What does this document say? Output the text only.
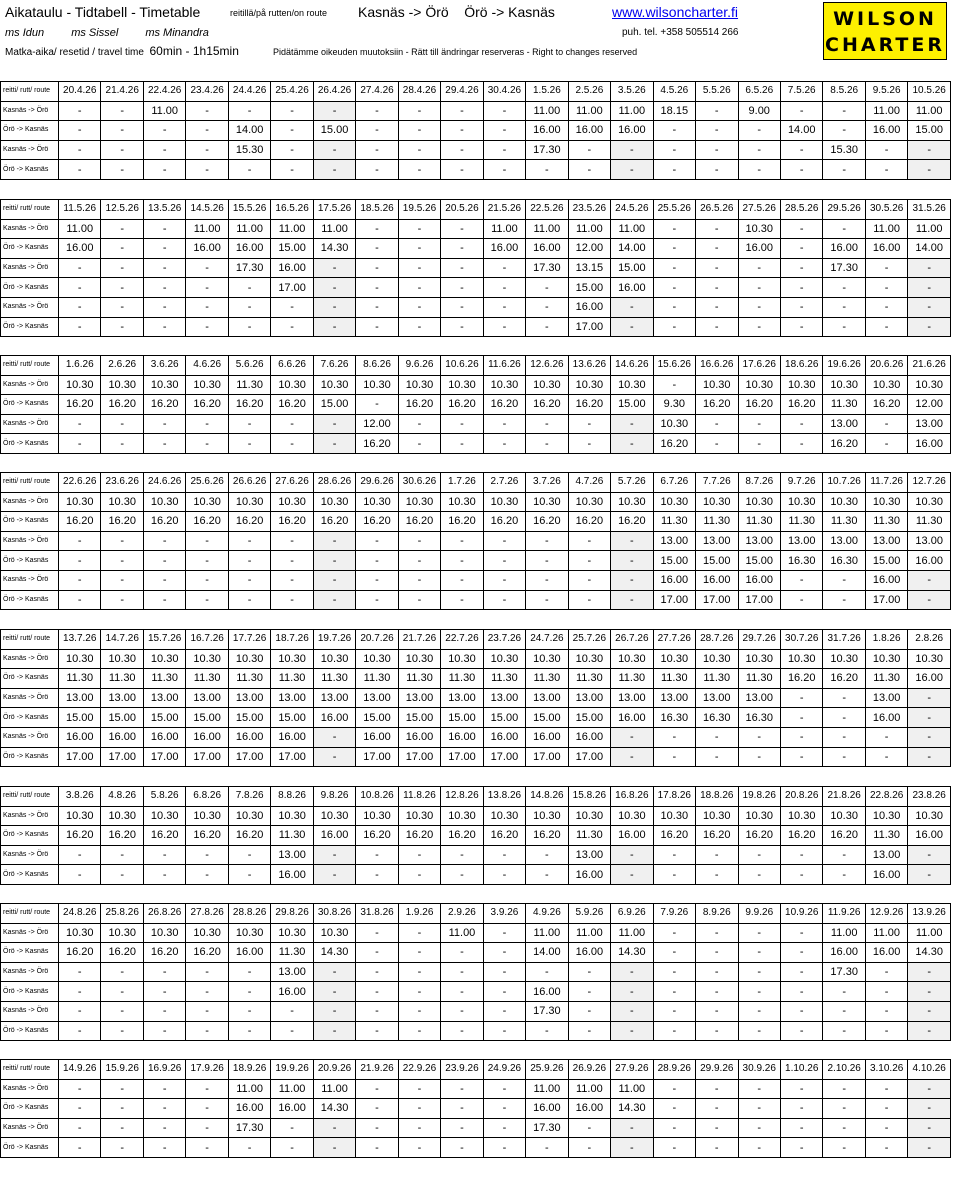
Aikataulu - Tidtabell - Timetable	reitillä/på rutten/on route Kasnäs -> Örö    Örö -> Kasnäs	www.wilsoncharter.fi
puh. tel. +358 505514 266
ms Idun ms Sissel ms Minandra
Matka-aika/ resetid / travel time 60min - 1h15min	Pidätämme oikeuden muutoksiin - Rätt till ändringar reserveras - Right to changes reserved
WILSON
CHARTER
reitti/ rutt/ route	20.4.26	21.4.26	22.4.26	23.4.26	24.4.26	25.4.26	26.4.26	27.4.26	28.4.26	29.4.26	30.4.26	1.5.26	2.5.26	3.5.26	4.5.26	5.5.26	6.5.26	7.5.26	8.5.26	9.5.26	10.5.26
Kasnäs -> Örö	-	-	11.00	-	-	-	-	-	-	-	-	11.00	11.00	11.00	18.15	-	9.00	-	-	11.00	11.00
Örö -> Kasnäs	-	-	-	-	14.00	-	15.00	-	-	-	-	16.00	16.00	16.00	-	-	-	14.00	-	16.00	15.00
Kasnäs -> Örö	-	-	-	-	15.30	-	-	-	-	-	-	17.30	-	-	-	-	-	-	15.30	-	-
Örö -> Kasnäs	-	-	-	-	-	-	-	-	-	-	-	-	-	-	-	-	-	-	-	-	-
reitti/ rutt/ route	11.5.26	12.5.26	13.5.26	14.5.26	15.5.26	16.5.26	17.5.26	18.5.26	19.5.26	20.5.26	21.5.26	22.5.26	23.5.26	24.5.26	25.5.26	26.5.26	27.5.26	28.5.26	29.5.26	30.5.26	31.5.26
Kasnäs -> Örö	11.00	-	-	11.00	11.00	11.00	11.00	-	-	-	11.00	11.00	11.00	11.00	-	-	10.30	-	-	11.00	11.00
Örö -> Kasnäs	16.00	-	-	16.00	16.00	15.00	14.30	-	-	-	16.00	16.00	12.00	14.00	-	-	16.00	-	16.00	16.00	14.00
Kasnäs -> Örö	-	-	-	-	17.30	16.00	-	-	-	-	-	17.30	13.15	15.00	-	-	-	-	17.30	-	-
Örö -> Kasnäs	-	-	-	-	-	17.00	-	-	-	-	-	-	15.00	16.00	-	-	-	-	-	-	-
Kasnäs -> Örö	-	-	-	-	-	-	-	-	-	-	-	-	16.00	-	-	-	-	-	-	-	-
Örö -> Kasnäs	-	-	-	-	-	-	-	-	-	-	-	-	17.00	-	-	-	-	-	-	-	-
reitti/ rutt/ route	1.6.26	2.6.26	3.6.26	4.6.26	5.6.26	6.6.26	7.6.26	8.6.26	9.6.26	10.6.26	11.6.26	12.6.26	13.6.26	14.6.26	15.6.26	16.6.26	17.6.26	18.6.26	19.6.26	20.6.26	21.6.26
Kasnäs -> Örö	10.30	10.30	10.30	10.30	11.30	10.30	10.30	10.30	10.30	10.30	10.30	10.30	10.30	10.30	-	10.30	10.30	10.30	10.30	10.30	10.30
Örö -> Kasnäs	16.20	16.20	16.20	16.20	16.20	16.20	15.00	-	16.20	16.20	16.20	16.20	16.20	15.00	9.30	16.20	16.20	16.20	11.30	16.20	12.00
Kasnäs -> Örö	-	-	-	-	-	-	-	12.00	-	-	-	-	-	-	10.30	-	-	-	13.00	-	13.00
Örö -> Kasnäs	-	-	-	-	-	-	-	16.20	-	-	-	-	-	-	16.20	-	-	-	16.20	-	16.00
reitti/ rutt/ route	22.6.26	23.6.26	24.6.26	25.6.26	26.6.26	27.6.26	28.6.26	29.6.26	30.6.26	1.7.26	2.7.26	3.7.26	4.7.26	5.7.26	6.7.26	7.7.26	8.7.26	9.7.26	10.7.26	11.7.26	12.7.26
Kasnäs -> Örö	10.30	10.30	10.30	10.30	10.30	10.30	10.30	10.30	10.30	10.30	10.30	10.30	10.30	10.30	10.30	10.30	10.30	10.30	10.30	10.30	10.30
Örö -> Kasnäs	16.20	16.20	16.20	16.20	16.20	16.20	16.20	16.20	16.20	16.20	16.20	16.20	16.20	16.20	11.30	11.30	11.30	11.30	11.30	11.30	11.30
Kasnäs -> Örö	-	-	-	-	-	-	-	-	-	-	-	-	-	-	13.00	13.00	13.00	13.00	13.00	13.00	13.00
Örö -> Kasnäs	-	-	-	-	-	-	-	-	-	-	-	-	-	-	15.00	15.00	15.00	16.30	16.30	15.00	16.00
Kasnäs -> Örö	-	-	-	-	-	-	-	-	-	-	-	-	-	-	16.00	16.00	16.00	-	-	16.00	-
Örö -> Kasnäs	-	-	-	-	-	-	-	-	-	-	-	-	-	-	17.00	17.00	17.00	-	-	17.00	-
reitti/ rutt/ route	13.7.26	14.7.26	15.7.26	16.7.26	17.7.26	18.7.26	19.7.26	20.7.26	21.7.26	22.7.26	23.7.26	24.7.26	25.7.26	26.7.26	27.7.26	28.7.26	29.7.26	30.7.26	31.7.26	1.8.26	2.8.26
Kasnäs -> Örö	10.30	10.30	10.30	10.30	10.30	10.30	10.30	10.30	10.30	10.30	10.30	10.30	10.30	10.30	10.30	10.30	10.30	10.30	10.30	10.30	10.30
Örö -> Kasnäs	11.30	11.30	11.30	11.30	11.30	11.30	11.30	11.30	11.30	11.30	11.30	11.30	11.30	11.30	11.30	11.30	11.30	16.20	16.20	11.30	16.00
Kasnäs -> Örö	13.00	13.00	13.00	13.00	13.00	13.00	13.00	13.00	13.00	13.00	13.00	13.00	13.00	13.00	13.00	13.00	13.00	-	-	13.00	-
Örö -> Kasnäs	15.00	15.00	15.00	15.00	15.00	15.00	16.00	15.00	15.00	15.00	15.00	15.00	15.00	16.00	16.30	16.30	16.30	-	-	16.00	-
Kasnäs -> Örö	16.00	16.00	16.00	16.00	16.00	16.00	-	16.00	16.00	16.00	16.00	16.00	16.00	-	-	-	-	-	-	-	-
Örö -> Kasnäs	17.00	17.00	17.00	17.00	17.00	17.00	-	17.00	17.00	17.00	17.00	17.00	17.00	-	-	-	-	-	-	-	-
reitti/ rutt/ route	3.8.26	4.8.26	5.8.26	6.8.26	7.8.26	8.8.26	9.8.26	10.8.26	11.8.26	12.8.26	13.8.26	14.8.26	15.8.26	16.8.26	17.8.26	18.8.26	19.8.26	20.8.26	21.8.26	22.8.26	23.8.26
Kasnäs -> Örö	10.30	10.30	10.30	10.30	10.30	10.30	10.30	10.30	10.30	10.30	10.30	10.30	10.30	10.30	10.30	10.30	10.30	10.30	10.30	10.30	10.30
Örö -> Kasnäs	16.20	16.20	16.20	16.20	16.20	11.30	16.00	16.20	16.20	16.20	16.20	16.20	11.30	16.00	16.20	16.20	16.20	16.20	16.20	11.30	16.00
Kasnäs -> Örö	-	-	-	-	-	13.00	-	-	-	-	-	-	13.00	-	-	-	-	-	-	13.00	-
Örö -> Kasnäs	-	-	-	-	-	16.00	-	-	-	-	-	-	16.00	-	-	-	-	-	-	16.00	-
reitti/ rutt/ route	24.8.26	25.8.26	26.8.26	27.8.26	28.8.26	29.8.26	30.8.26	31.8.26	1.9.26	2.9.26	3.9.26	4.9.26	5.9.26	6.9.26	7.9.26	8.9.26	9.9.26	10.9.26	11.9.26	12.9.26	13.9.26
Kasnäs -> Örö	10.30	10.30	10.30	10.30	10.30	10.30	10.30	-	-	11.00	-	11.00	11.00	11.00	-	-	-	-	11.00	11.00	11.00
Örö -> Kasnäs	16.20	16.20	16.20	16.20	16.00	11.30	14.30	-	-	-	-	14.00	16.00	14.30	-	-	-	-	16.00	16.00	14.30
Kasnäs -> Örö	-	-	-	-	-	13.00	-	-	-	-	-	-	-	-	-	-	-	-	17.30	-	-
Örö -> Kasnäs	-	-	-	-	-	16.00	-	-	-	-	-	16.00	-	-	-	-	-	-	-	-	-
Kasnäs -> Örö	-	-	-	-	-	-	-	-	-	-	-	17.30	-	-	-	-	-	-	-	-	-
Örö -> Kasnäs	-	-	-	-	-	-	-	-	-	-	-	-	-	-	-	-	-	-	-	-	-
reitti/ rutt/ route	14.9.26	15.9.26	16.9.26	17.9.26	18.9.26	19.9.26	20.9.26	21.9.26	22.9.26	23.9.26	24.9.26	25.9.26	26.9.26	27.9.26	28.9.26	29.9.26	30.9.26	1.10.26	2.10.26	3.10.26	4.10.26
Kasnäs -> Örö	-	-	-	-	11.00	11.00	11.00	-	-	-	-	11.00	11.00	11.00	-	-	-	-	-	-	-
Örö -> Kasnäs	-	-	-	-	16.00	16.00	14.30	-	-	-	-	16.00	16.00	14.30	-	-	-	-	-	-	-
Kasnäs -> Örö	-	-	-	-	17.30	-	-	-	-	-	-	17.30	-	-	-	-	-	-	-	-	-
Örö -> Kasnäs	-	-	-	-	-	-	-	-	-	-	-	-	-	-	-	-	-	-	-	-	-
